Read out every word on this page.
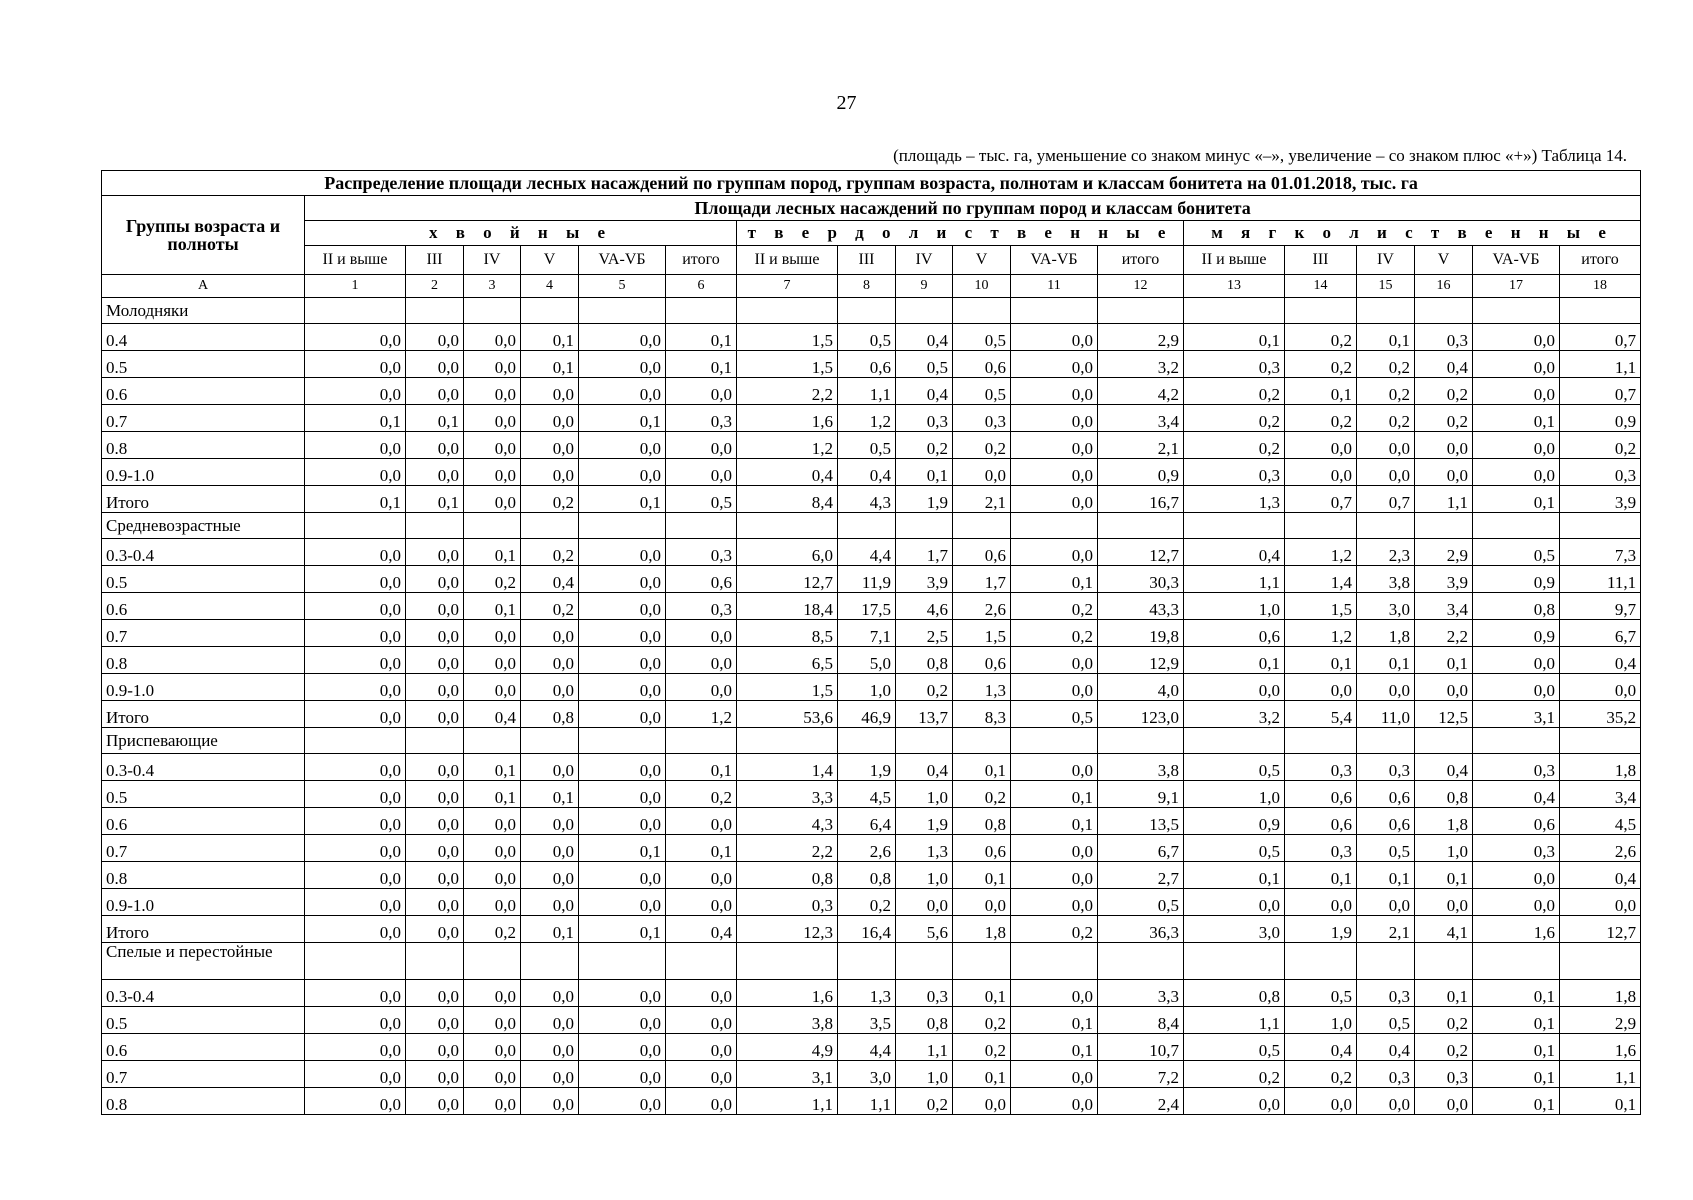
27
(площадь – тыс. га, уменьшение со знаком минус «–», увеличение – со знаком плюс «+») Таблица 14.
Распределение площади лесных насаждений по группам пород, группам возраста, полнотам и классам бонитета на 01.01.2018, тыс. га																		
Группы возраста и полноты	Площади лесных насаждений по группам пород и классам бонитета																	
	х в о й н ы е						т в е р д о л и с т в е н н ы е						м я г к о л и с т в е н н ы е					
	II и выше	III	IV	V	VA-VБ	итого	II и выше	III	IV	V	VA-VБ	итого	II и выше	III	IV	V	VA-VБ	итого
А	1	2	3	4	5	6	7	8	9	10	11	12	13	14	15	16	17	18
Молодняки																		
0.4	0,0	0,0	0,0	0,1	0,0	0,1	1,5	0,5	0,4	0,5	0,0	2,9	0,1	0,2	0,1	0,3	0,0	0,7
0.5	0,0	0,0	0,0	0,1	0,0	0,1	1,5	0,6	0,5	0,6	0,0	3,2	0,3	0,2	0,2	0,4	0,0	1,1
0.6	0,0	0,0	0,0	0,0	0,0	0,0	2,2	1,1	0,4	0,5	0,0	4,2	0,2	0,1	0,2	0,2	0,0	0,7
0.7	0,1	0,1	0,0	0,0	0,1	0,3	1,6	1,2	0,3	0,3	0,0	3,4	0,2	0,2	0,2	0,2	0,1	0,9
0.8	0,0	0,0	0,0	0,0	0,0	0,0	1,2	0,5	0,2	0,2	0,0	2,1	0,2	0,0	0,0	0,0	0,0	0,2
0.9-1.0	0,0	0,0	0,0	0,0	0,0	0,0	0,4	0,4	0,1	0,0	0,0	0,9	0,3	0,0	0,0	0,0	0,0	0,3
Итого	0,1	0,1	0,0	0,2	0,1	0,5	8,4	4,3	1,9	2,1	0,0	16,7	1,3	0,7	0,7	1,1	0,1	3,9
Средневозрастные																		
0.3-0.4	0,0	0,0	0,1	0,2	0,0	0,3	6,0	4,4	1,7	0,6	0,0	12,7	0,4	1,2	2,3	2,9	0,5	7,3
0.5	0,0	0,0	0,2	0,4	0,0	0,6	12,7	11,9	3,9	1,7	0,1	30,3	1,1	1,4	3,8	3,9	0,9	11,1
0.6	0,0	0,0	0,1	0,2	0,0	0,3	18,4	17,5	4,6	2,6	0,2	43,3	1,0	1,5	3,0	3,4	0,8	9,7
0.7	0,0	0,0	0,0	0,0	0,0	0,0	8,5	7,1	2,5	1,5	0,2	19,8	0,6	1,2	1,8	2,2	0,9	6,7
0.8	0,0	0,0	0,0	0,0	0,0	0,0	6,5	5,0	0,8	0,6	0,0	12,9	0,1	0,1	0,1	0,1	0,0	0,4
0.9-1.0	0,0	0,0	0,0	0,0	0,0	0,0	1,5	1,0	0,2	1,3	0,0	4,0	0,0	0,0	0,0	0,0	0,0	0,0
Итого	0,0	0,0	0,4	0,8	0,0	1,2	53,6	46,9	13,7	8,3	0,5	123,0	3,2	5,4	11,0	12,5	3,1	35,2
Приспевающие																		
0.3-0.4	0,0	0,0	0,1	0,0	0,0	0,1	1,4	1,9	0,4	0,1	0,0	3,8	0,5	0,3	0,3	0,4	0,3	1,8
0.5	0,0	0,0	0,1	0,1	0,0	0,2	3,3	4,5	1,0	0,2	0,1	9,1	1,0	0,6	0,6	0,8	0,4	3,4
0.6	0,0	0,0	0,0	0,0	0,0	0,0	4,3	6,4	1,9	0,8	0,1	13,5	0,9	0,6	0,6	1,8	0,6	4,5
0.7	0,0	0,0	0,0	0,0	0,1	0,1	2,2	2,6	1,3	0,6	0,0	6,7	0,5	0,3	0,5	1,0	0,3	2,6
0.8	0,0	0,0	0,0	0,0	0,0	0,0	0,8	0,8	1,0	0,1	0,0	2,7	0,1	0,1	0,1	0,1	0,0	0,4
0.9-1.0	0,0	0,0	0,0	0,0	0,0	0,0	0,3	0,2	0,0	0,0	0,0	0,5	0,0	0,0	0,0	0,0	0,0	0,0
Итого	0,0	0,0	0,2	0,1	0,1	0,4	12,3	16,4	5,6	1,8	0,2	36,3	3,0	1,9	2,1	4,1	1,6	12,7
Спелые и перестойные																		
0.3-0.4	0,0	0,0	0,0	0,0	0,0	0,0	1,6	1,3	0,3	0,1	0,0	3,3	0,8	0,5	0,3	0,1	0,1	1,8
0.5	0,0	0,0	0,0	0,0	0,0	0,0	3,8	3,5	0,8	0,2	0,1	8,4	1,1	1,0	0,5	0,2	0,1	2,9
0.6	0,0	0,0	0,0	0,0	0,0	0,0	4,9	4,4	1,1	0,2	0,1	10,7	0,5	0,4	0,4	0,2	0,1	1,6
0.7	0,0	0,0	0,0	0,0	0,0	0,0	3,1	3,0	1,0	0,1	0,0	7,2	0,2	0,2	0,3	0,3	0,1	1,1
0.8	0,0	0,0	0,0	0,0	0,0	0,0	1,1	1,1	0,2	0,0	0,0	2,4	0,0	0,0	0,0	0,0	0,1	0,1
